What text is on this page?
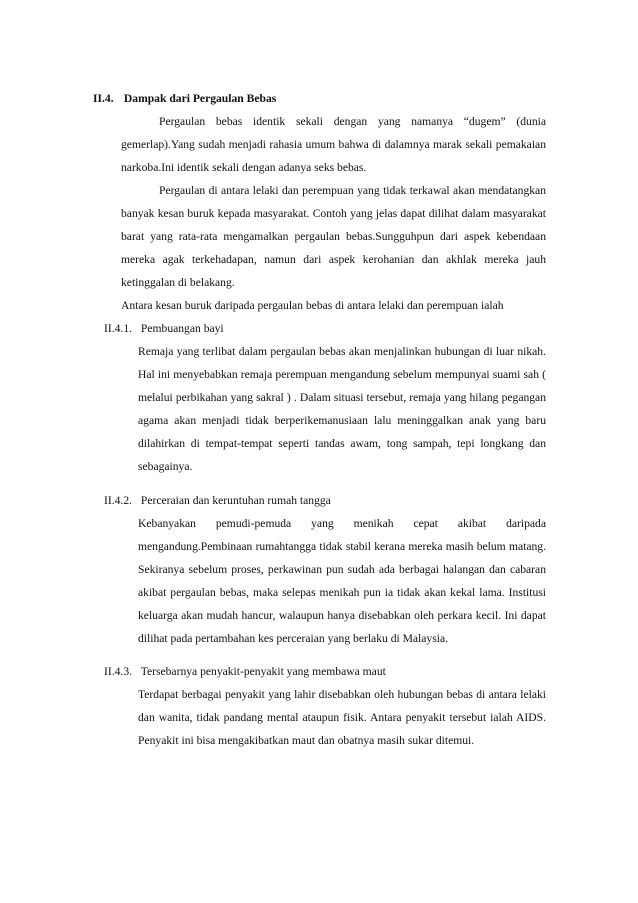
II.4. Dampak dari Pergaulan Bebas

Pergaulan bebas identik sekali dengan yang namanya “dugem” (dunia gemerlap).Yang sudah menjadi rahasia umum bahwa di dalamnya marak sekali pemakaian narkoba.Ini identik sekali dengan adanya seks bebas.

Pergaulan di antara lelaki dan perempuan yang tidak terkawal akan mendatangkan banyak kesan buruk kepada masyarakat. Contoh yang jelas dapat dilihat dalam masyarakat barat yang rata-rata mengamalkan pergaulan bebas.Sungguhpun dari aspek kebendaan mereka agak terkehadapan, namun dari aspek kerohanian dan akhlak mereka jauh ketinggalan di belakang.

Antara kesan buruk daripada pergaulan bebas di antara lelaki dan perempuan ialah

II.4.1. Pembuangan bayi

Remaja yang terlibat dalam pergaulan bebas akan menjalinkan hubungan di luar nikah. Hal ini menyebabkan remaja perempuan mengandung sebelum mempunyai suami sah ( melalui perbikahan yang sakral ) . Dalam situasi tersebut, remaja yang hilang pegangan agama akan menjadi tidak berperikemanusiaan lalu meninggalkan anak yang baru dilahirkan di tempat-tempat seperti tandas awam, tong sampah, tepi longkang dan sebagainya.

II.4.2. Perceraian dan keruntuhan rumah tangga

Kebanyakan pemudi-pemuda yang menikah cepat akibat daripada mengandung.Pembinaan rumahtangga tidak stabil kerana mereka masih belum matang. Sekiranya sebelum proses, perkawinan pun sudah ada berbagai halangan dan cabaran akibat pergaulan bebas, maka selepas menikah pun ia tidak akan kekal lama. Institusi keluarga akan mudah hancur, walaupun hanya disebabkan oleh perkara kecil. Ini dapat dilihat pada pertambahan kes perceraian yang berlaku di Malaysia.

II.4.3. Tersebarnya penyakit-penyakit yang membawa maut

Terdapat berbagai penyakit yang lahir disebabkan oleh hubungan bebas di antara lelaki dan wanita, tidak pandang mental ataupun fisik. Antara penyakit tersebut ialah AIDS. Penyakit ini bisa mengakibatkan maut dan obatnya masih sukar ditemui.
